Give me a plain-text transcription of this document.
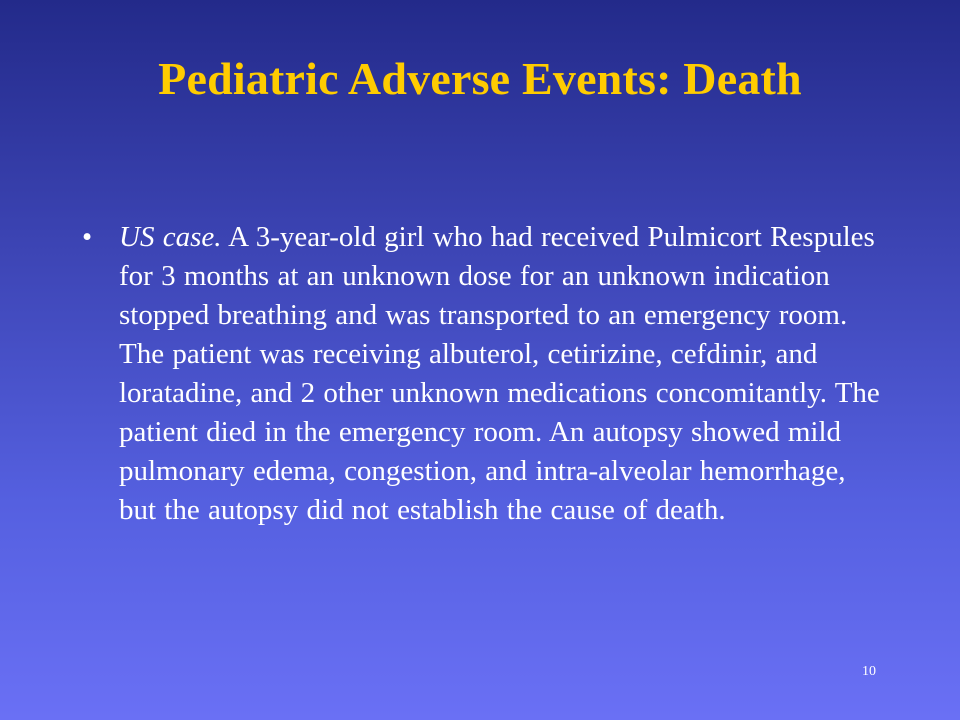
Pediatric Adverse Events: Death
• US case. A 3-year-old girl who had received Pulmicort Respules for 3 months at an unknown dose for an unknown indication stopped breathing and was transported to an emergency room. The patient was receiving albuterol, cetirizine, cefdinir, and loratadine, and 2 other unknown medications concomitantly. The patient died in the emergency room. An autopsy showed mild pulmonary edema, congestion, and intra-alveolar hemorrhage, but the autopsy did not establish the cause of death.
10
